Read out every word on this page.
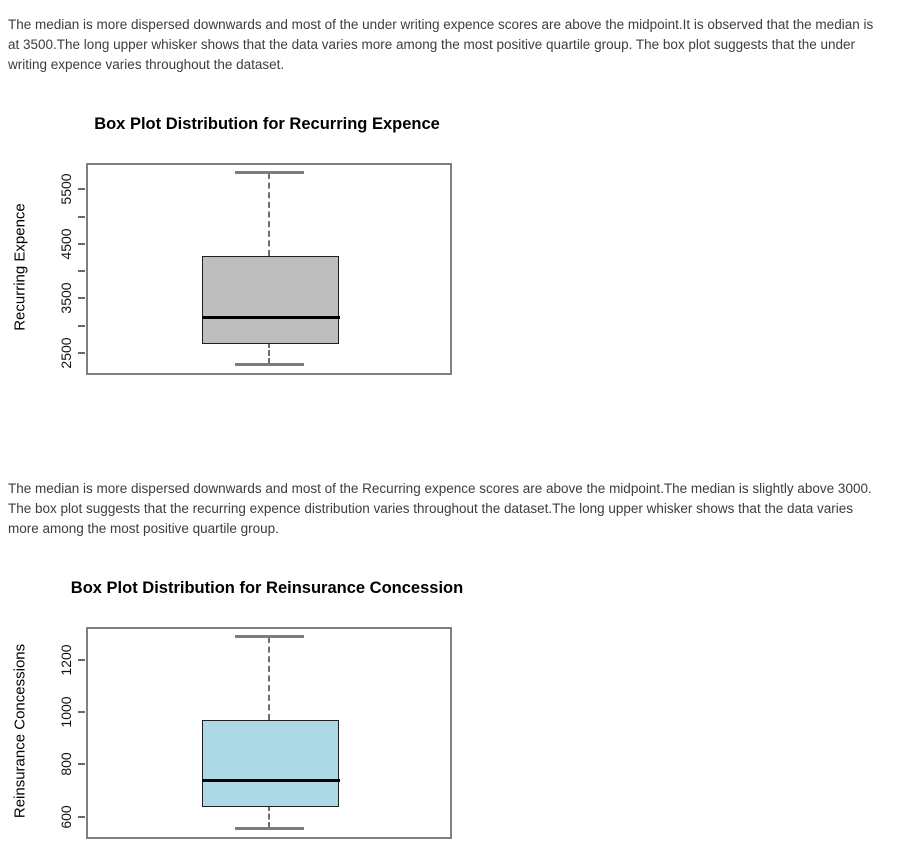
The median is more dispersed downwards and most of the under writing expence scores are above the midpoint.It is observed that the median is
at 3500.The long upper whisker shows that the data varies more among the most positive quartile group. The box plot suggests that the under
writing expence varies throughout the dataset.
Box Plot Distribution for Recurring Expence
Recurring Expence
2500
3500
4500
5500
The median is more dispersed downwards and most of the Recurring expence scores are above the midpoint.The median is slightly above 3000.
The box plot suggests that the recurring expence distribution varies throughout the dataset.The long upper whisker shows that the data varies
more among the most positive quartile group.
Box Plot Distribution for Reinsurance Concession
Reinsurance Concessions 600
800
1000
1200
